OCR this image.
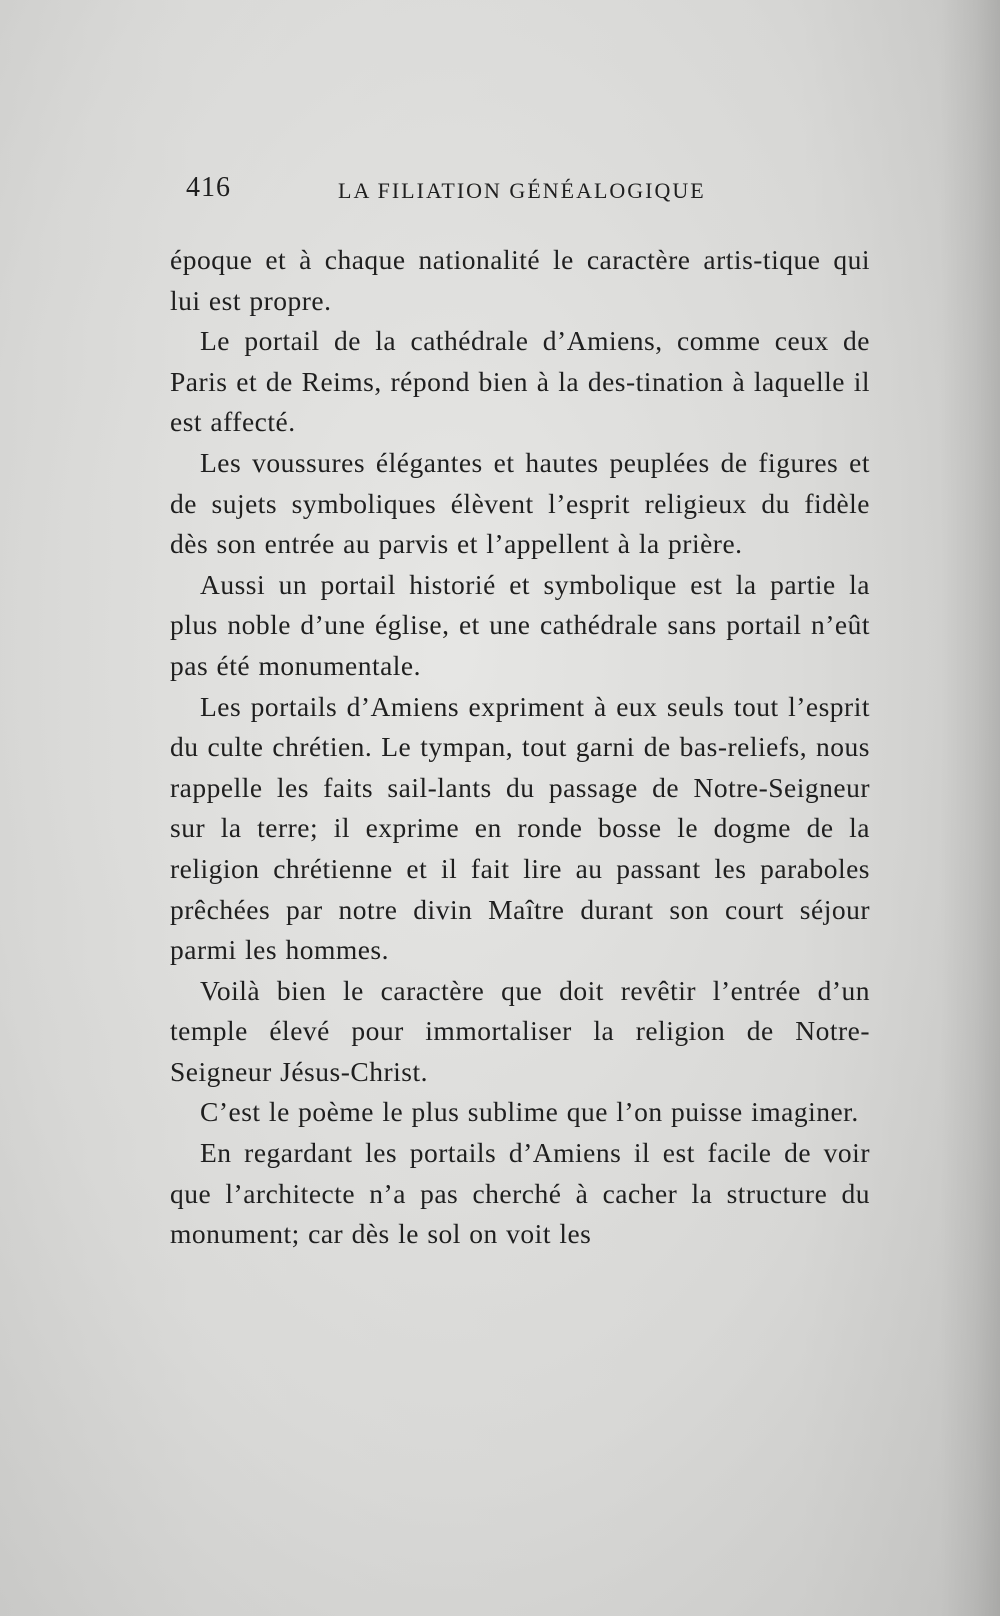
416	LA FILIATION GÉNÉALOGIQUE

époque et à chaque nationalité le caractère artis-tique qui lui est propre.

Le portail de la cathédrale d’Amiens, comme ceux de Paris et de Reims, répond bien à la des-tination à laquelle il est affecté.

Les voussures élégantes et hautes peuplées de figures et de sujets symboliques élèvent l’esprit religieux du fidèle dès son entrée au parvis et l’appellent à la prière.

Aussi un portail historié et symbolique est la partie la plus noble d’une église, et une cathédrale sans portail n’eût pas été monumentale.

Les portails d’Amiens expriment à eux seuls tout l’esprit du culte chrétien. Le tympan, tout garni de bas-reliefs, nous rappelle les faits sail-lants du passage de Notre-Seigneur sur la terre; il exprime en ronde bosse le dogme de la religion chrétienne et il fait lire au passant les paraboles prêchées par notre divin Maître durant son court séjour parmi les hommes.

Voilà bien le caractère que doit revêtir l’entrée d’un temple élevé pour immortaliser la religion de Notre-Seigneur Jésus-Christ.

C’est le poème le plus sublime que l’on puisse imaginer.

En regardant les portails d’Amiens il est facile de voir que l’architecte n’a pas cherché à cacher la structure du monument; car dès le sol on voit les
